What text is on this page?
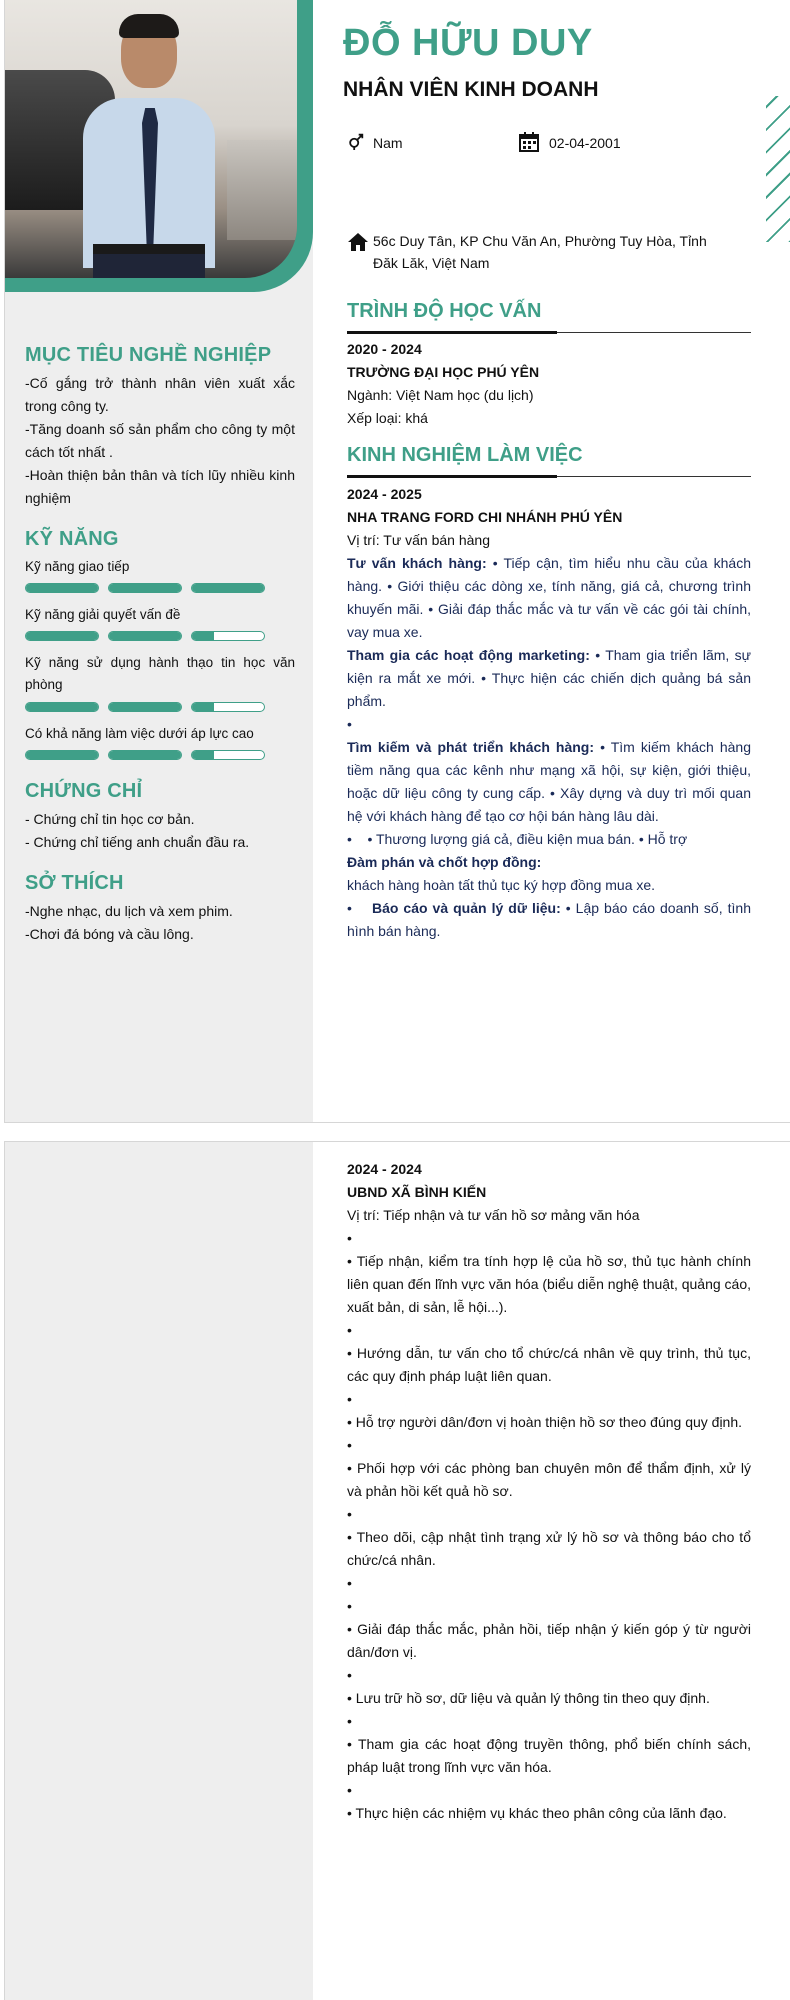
MỤC TIÊU NGHỀ NGHIỆP

-Cố gắng trở thành nhân viên xuất xắc trong công ty.

-Tăng doanh số sản phẩm cho công ty một cách tốt nhất .

-Hoàn thiện bản thân và tích lũy nhiều kinh nghiệm

KỸ NĂNG
Kỹ năng giao tiếp
Kỹ năng giải quyết vấn đề
Kỹ năng sử dụng hành thạo tin học văn phòng
Có khả năng làm việc dưới áp lực cao
CHỨNG CHỈ

- Chứng chỉ tin học cơ bản.

- Chứng chỉ tiếng anh chuẩn đầu ra.

SỞ THÍCH

-Nghe nhạc, du lịch và xem phim.

-Chơi đá bóng và cầu lông.

ĐỖ HỮU DUY
NHÂN VIÊN KINH DOANH
Nam	02-04-2001
56c Duy Tân, KP Chu Văn An, Phường Tuy Hòa, Tỉnh Đăk Lăk, Việt Nam
TRÌNH ĐỘ HỌC VẤN

2020 - 2024

TRƯỜNG ĐẠI HỌC PHÚ YÊN

Ngành: Việt Nam học (du lịch)

Xếp loại: khá

KINH NGHIỆM LÀM VIỆC

2024 - 2025

NHA TRANG FORD CHI NHÁNH PHÚ YÊN

Vị trí: Tư vấn bán hàng

Tư vấn khách hàng: • Tiếp cận, tìm hiểu nhu cầu của khách hàng. • Giới thiệu các dòng xe, tính năng, giá cả, chương trình khuyến mãi. • Giải đáp thắc mắc và tư vấn về các gói tài chính, vay mua xe.

Tham gia các hoạt động marketing: • Tham gia triển lãm, sự kiện ra mắt xe mới. • Thực hiện các chiến dịch quảng bá sản phẩm.

•

Tìm kiếm và phát triển khách hàng: • Tìm kiếm khách hàng tiềm năng qua các kênh như mạng xã hội, sự kiện, giới thiệu, hoặc dữ liệu công ty cung cấp. • Xây dựng và duy trì mối quan hệ với khách hàng để tạo cơ hội bán hàng lâu dài.

•    • Thương lượng giá cả, điều kiện mua bán. • Hỗ trợ

Đàm phán và chốt hợp đồng:

khách hàng hoàn tất thủ tục ký hợp đồng mua xe.

•    Báo cáo và quản lý dữ liệu: • Lập báo cáo doanh số, tình hình bán hàng.

2024 - 2024

UBND XÃ BÌNH KIẾN

Vị trí: Tiếp nhận và tư vấn hồ sơ mảng văn hóa

•

• Tiếp nhận, kiểm tra tính hợp lệ của hồ sơ, thủ tục hành chính liên quan đến lĩnh vực văn hóa (biểu diễn nghệ thuật, quảng cáo, xuất bản, di sản, lễ hội...).

•

• Hướng dẫn, tư vấn cho tổ chức/cá nhân về quy trình, thủ tục, các quy định pháp luật liên quan.

•

• Hỗ trợ người dân/đơn vị hoàn thiện hồ sơ theo đúng quy định.

•

• Phối hợp với các phòng ban chuyên môn để thẩm định, xử lý và phản hồi kết quả hồ sơ.

•

• Theo dõi, cập nhật tình trạng xử lý hồ sơ và thông báo cho tổ chức/cá nhân.

•

•

• Giải đáp thắc mắc, phản hồi, tiếp nhận ý kiến góp ý từ người dân/đơn vị.

•

• Lưu trữ hồ sơ, dữ liệu và quản lý thông tin theo quy định.

•

• Tham gia các hoạt động truyền thông, phổ biến chính sách, pháp luật trong lĩnh vực văn hóa.

•

• Thực hiện các nhiệm vụ khác theo phân công của lãnh đạo.
